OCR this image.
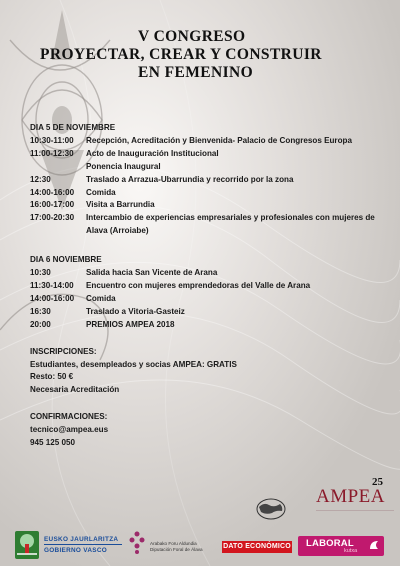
V CONGRESO
PROYECTAR, CREAR Y CONSTRUIR
EN FEMENINO
DIA 5 DE NOVIEMBRE
10:30-11:00	Recepción, Acreditación y Bienvenida- Palacio de Congresos Europa
11:00-12:30	Acto de Inauguración Institucional
Ponencia Inaugural
12:30	Traslado a Arrazua-Ubarrundia y recorrido por la zona
14:00-16:00	Comida
16:00-17:00	Visita a Barrundia
17:00-20:30	Intercambio de experiencias empresariales y profesionales con mujeres de Alava (Arroiabe)
DIA 6 NOVIEMBRE
10:30	Salida hacia San Vicente de Arana
11:30-14:00	Encuentro con mujeres emprendedoras del Valle de Arana
14:00-16:00	Comida
16:30	Traslado a Vitoria-Gasteiz
20:00	PREMIOS AMPEA 2018
INSCRIPCIONES:
Estudiantes, desempleados y socias AMPEA: GRATIS
Resto: 50 €
Necesaria Acreditación
CONFIRMACIONES:
tecnico@ampea.eus
945 125 050
AMPEA
25
EUSKO JAURLARITZA
GOBIERNO VASCO
Arabako Foru Aldundia
Diputación Foral de Álava	DATO ECONÓMICO LABORAL
kutxa
